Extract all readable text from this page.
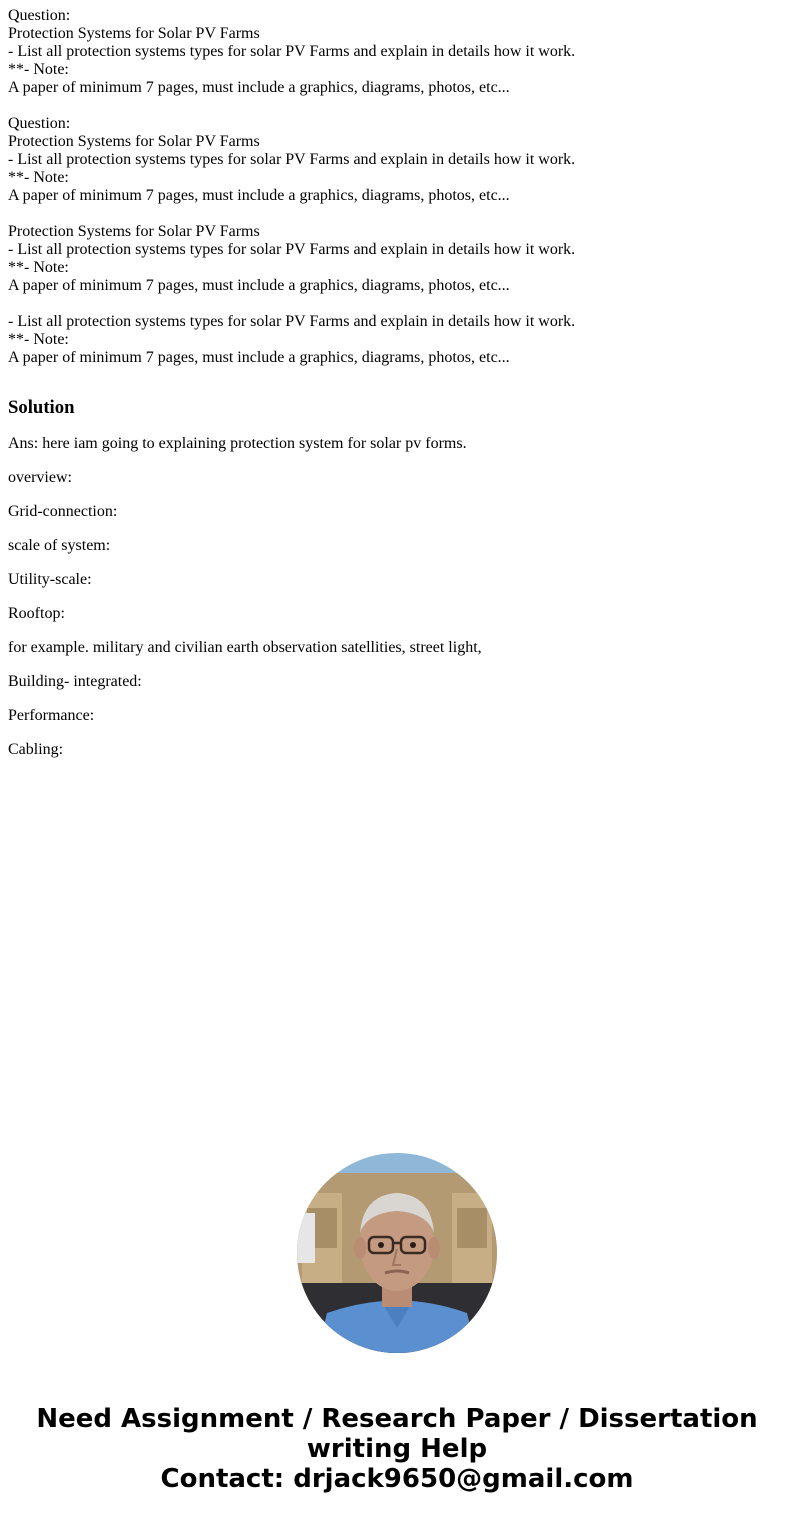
Question:
Protection Systems for Solar PV Farms
- List all protection systems types for solar PV Farms and explain in details how it work.
**- Note:
A paper of minimum 7 pages, must include a graphics, diagrams, photos, etc...
Question:
Protection Systems for Solar PV Farms
- List all protection systems types for solar PV Farms and explain in details how it work.
**- Note:
A paper of minimum 7 pages, must include a graphics, diagrams, photos, etc...
Protection Systems for Solar PV Farms
- List all protection systems types for solar PV Farms and explain in details how it work.
**- Note:
A paper of minimum 7 pages, must include a graphics, diagrams, photos, etc...
- List all protection systems types for solar PV Farms and explain in details how it work.
**- Note:
A paper of minimum 7 pages, must include a graphics, diagrams, photos, etc...
Solution

Ans: here iam going to explaining protection system for solar pv forms.

overview:

Grid-connection:

scale of system:

Utility-scale:

Rooftop:

for example. military and civilian earth observation satellities, street light,

Building- integrated:

Performance:

Cabling:

Need Assignment / Research Paper / Dissertation
writing Help
Contact: drjack9650@gmail.com
